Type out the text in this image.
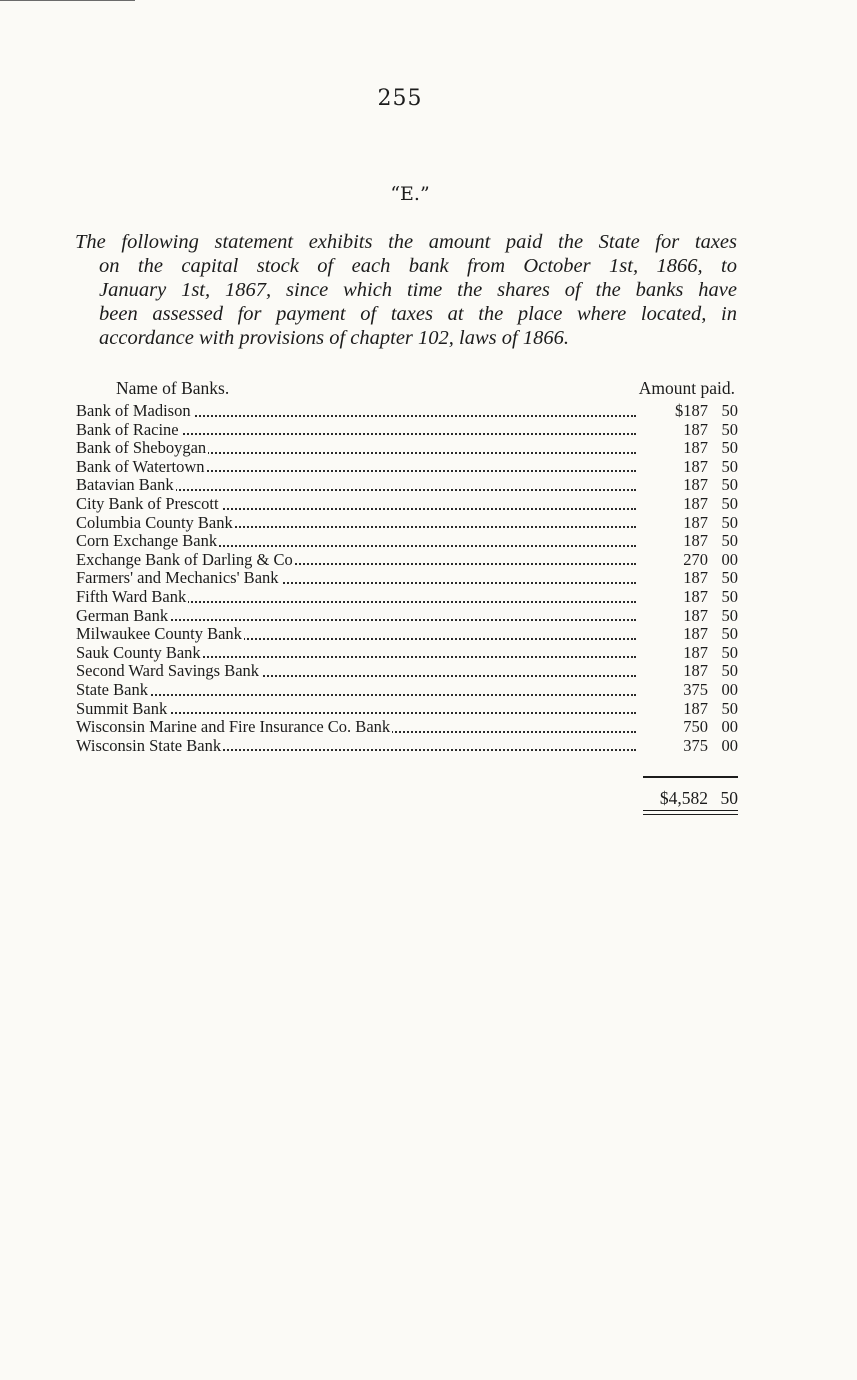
255
“E.”
The following statement exhibits the amount paid the State for taxes
on the capital stock of each bank from October 1st, 1866, to
January 1st, 1867, since which time the shares of the banks have
been assessed for payment of taxes at the place where located, in
accordance with provisions of chapter 102, laws of 1866.
Name of Banks.	Amount paid.
Bank of Madison	$187 50
Bank of Racine	187 50
Bank of Sheboygan	187 50
Bank of Watertown	187 50
Batavian Bank	187 50
City Bank of Prescott	187 50
Columbia County Bank	187 50
Corn Exchange Bank	187 50
Exchange Bank of Darling & Co	270 00
Farmers' and Mechanics' Bank	187 50
Fifth Ward Bank	187 50
German Bank	187 50
Milwaukee County Bank	187 50
Sauk County Bank	187 50
Second Ward Savings Bank	187 50
State Bank	375 00
Summit Bank	187 50
Wisconsin Marine and Fire Insurance Co. Bank	750 00
Wisconsin State Bank	375 00
$4,582 50
